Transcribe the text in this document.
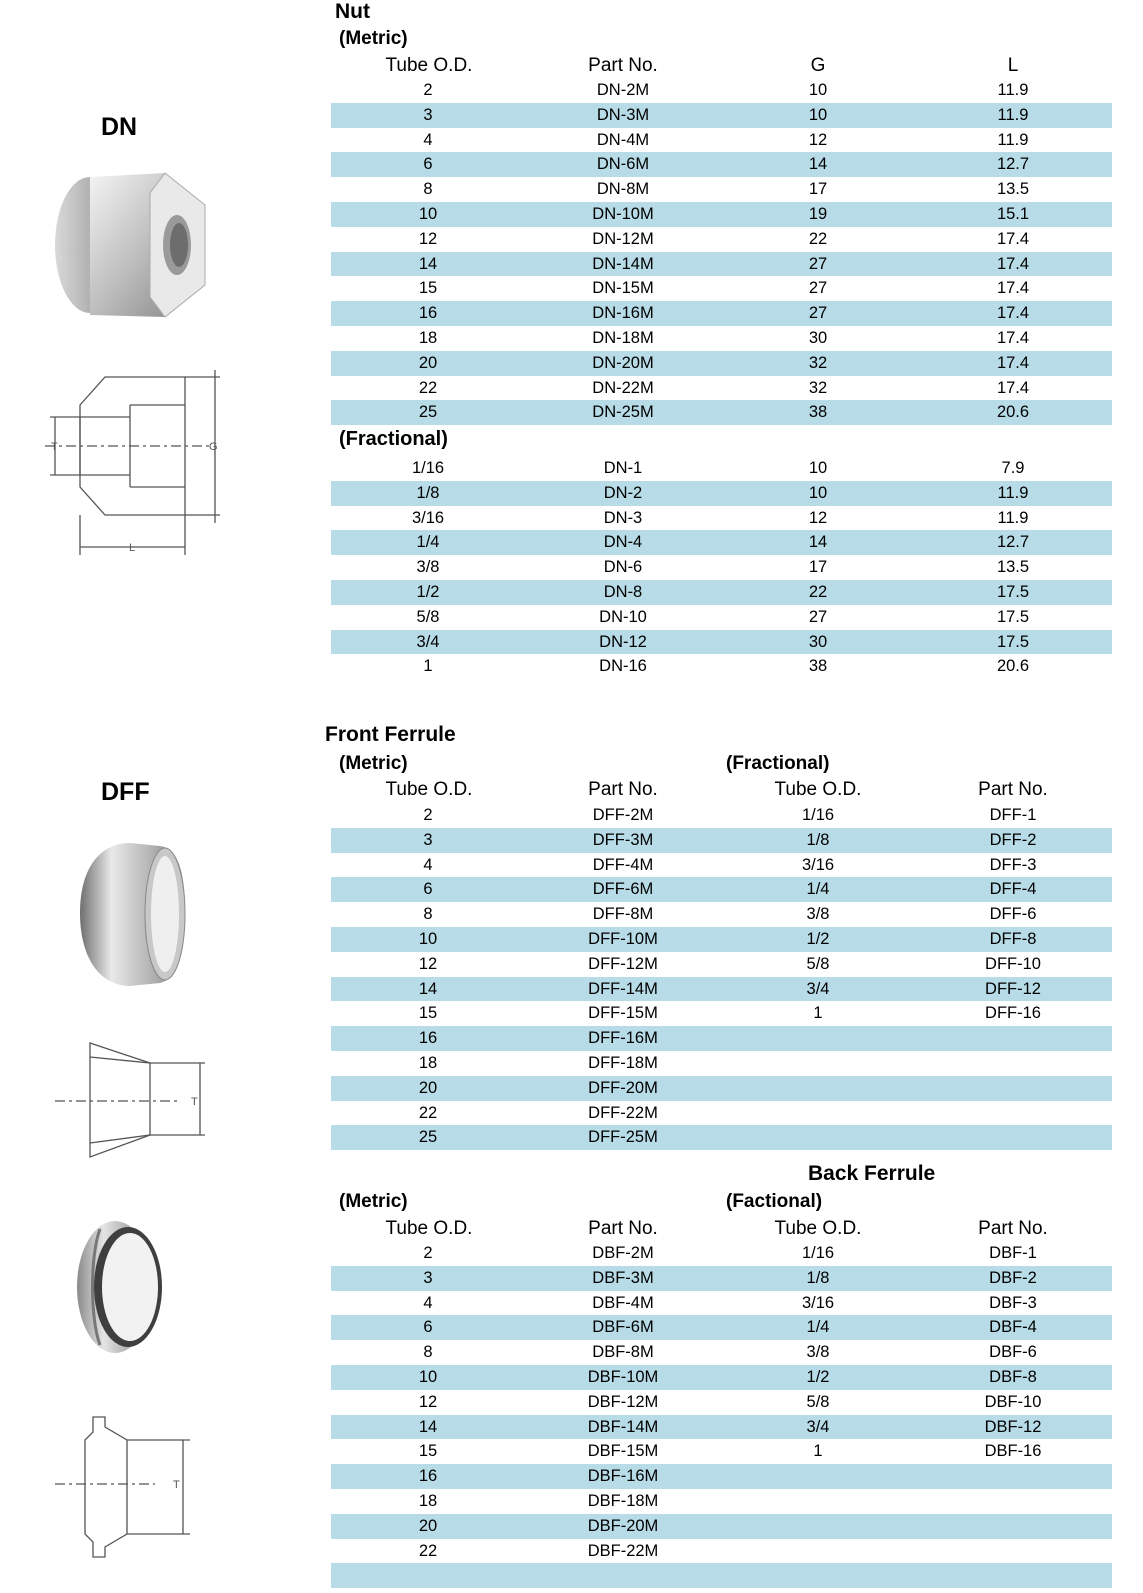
Nut
(Metric)
Tube O.D.	Part No.	G	L
2	DN-2M	10	11.9
3	DN-3M	10	11.9
4	DN-4M	12	11.9
6	DN-6M	14	12.7
8	DN-8M	17	13.5
10	DN-10M	19	15.1
12	DN-12M	22	17.4
14	DN-14M	27	17.4
15	DN-15M	27	17.4
16	DN-16M	27	17.4
18	DN-18M	30	17.4
20	DN-20M	32	17.4
22	DN-22M	32	17.4
25	DN-25M	38	20.6
(Fractional)
1/16	DN-1	10	7.9
1/8	DN-2	10	11.9
3/16	DN-3	12	11.9
1/4	DN-4	14	12.7
3/8	DN-6	17	13.5
1/2	DN-8	22	17.5
5/8	DN-10	27	17.5
3/4	DN-12	30	17.5
1	DN-16	38	20.6
DN
T	G
L
Front Ferrule
(Metric)	(Fractional)
Tube O.D.	Part No.	Tube O.D.	Part No.
2	DFF-2M	1/16	DFF-1
3	DFF-3M	1/8	DFF-2
4	DFF-4M	3/16	DFF-3
6	DFF-6M	1/4	DFF-4
8	DFF-8M	3/8	DFF-6
10	DFF-10M	1/2	DFF-8
12	DFF-12M	5/8	DFF-10
14	DFF-14M	3/4	DFF-12
15	DFF-15M	1	DFF-16
16	DFF-16M
18	DFF-18M
20	DFF-20M
22	DFF-22M
25	DFF-25M
DFF
T
Back Ferrule
(Metric)	(Factional)
Tube O.D.	Part No.	Tube O.D.	Part No.
2	DBF-2M	1/16	DBF-1
3	DBF-3M	1/8	DBF-2
4	DBF-4M	3/16	DBF-3
6	DBF-6M	1/4	DBF-4
8	DBF-8M	3/8	DBF-6
10	DBF-10M	1/2	DBF-8
12	DBF-12M	5/8	DBF-10
14	DBF-14M	3/4	DBF-12
15	DBF-15M	1	DBF-16
16	DBF-16M
18	DBF-18M
20	DBF-20M
22	DBF-22M
T
